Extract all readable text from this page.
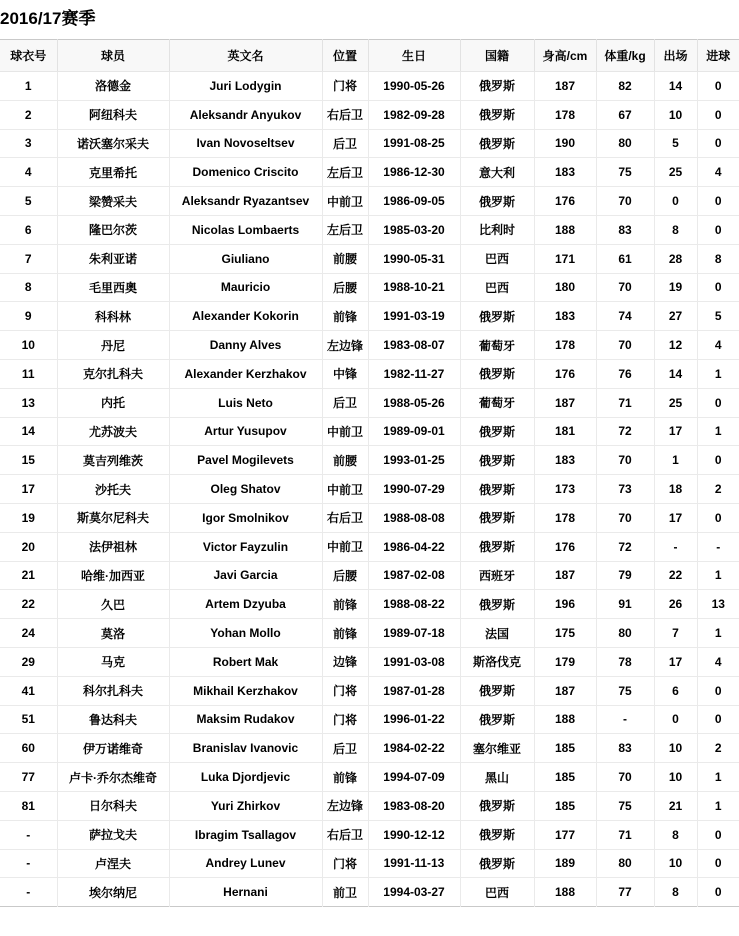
2016/17赛季
球衣号	球员	英文名	位置	生日	国籍	身高/cm	体重/kg	出场	进球
1	洛德金	Juri Lodygin	门将	1990-05-26	俄罗斯	187	82	14	0
2	阿纽科夫	Aleksandr Anyukov	右后卫	1982-09-28	俄罗斯	178	67	10	0
3	诺沃塞尔采夫	Ivan Novoseltsev	后卫	1991-08-25	俄罗斯	190	80	5	0
4	克里希托	Domenico Criscito	左后卫	1986-12-30	意大利	183	75	25	4
5	梁赞采夫	Aleksandr Ryazantsev	中前卫	1986-09-05	俄罗斯	176	70	0	0
6	隆巴尔茨	Nicolas Lombaerts	左后卫	1985-03-20	比利时	188	83	8	0
7	朱利亚诺	Giuliano	前腰	1990-05-31	巴西	171	61	28	8
8	毛里西奥	Mauricio	后腰	1988-10-21	巴西	180	70	19	0
9	科科林	Alexander Kokorin	前锋	1991-03-19	俄罗斯	183	74	27	5
10	丹尼	Danny Alves	左边锋	1983-08-07	葡萄牙	178	70	12	4
11	克尔扎科夫	Alexander Kerzhakov	中锋	1982-11-27	俄罗斯	176	76	14	1
13	内托	Luis Neto	后卫	1988-05-26	葡萄牙	187	71	25	0
14	尤苏波夫	Artur Yusupov	中前卫	1989-09-01	俄罗斯	181	72	17	1
15	莫吉列维茨	Pavel Mogilevets	前腰	1993-01-25	俄罗斯	183	70	1	0
17	沙托夫	Oleg Shatov	中前卫	1990-07-29	俄罗斯	173	73	18	2
19	斯莫尔尼科夫	Igor Smolnikov	右后卫	1988-08-08	俄罗斯	178	70	17	0
20	法伊祖林	Victor Fayzulin	中前卫	1986-04-22	俄罗斯	176	72	-	-
21	哈维·加西亚	Javi Garcia	后腰	1987-02-08	西班牙	187	79	22	1
22	久巴	Artem Dzyuba	前锋	1988-08-22	俄罗斯	196	91	26	13
24	莫洛	Yohan Mollo	前锋	1989-07-18	法国	175	80	7	1
29	马克	Robert Mak	边锋	1991-03-08	斯洛伐克	179	78	17	4
41	科尔扎科夫	Mikhail Kerzhakov	门将	1987-01-28	俄罗斯	187	75	6	0
51	鲁达科夫	Maksim Rudakov	门将	1996-01-22	俄罗斯	188	-	0	0
60	伊万诺维奇	Branislav Ivanovic	后卫	1984-02-22	塞尔维亚	185	83	10	2
77	卢卡·乔尔杰维奇	Luka Djordjevic	前锋	1994-07-09	黑山	185	70	10	1
81	日尔科夫	Yuri Zhirkov	左边锋	1983-08-20	俄罗斯	185	75	21	1
-	萨拉戈夫	Ibragim Tsallagov	右后卫	1990-12-12	俄罗斯	177	71	8	0
-	卢涅夫	Andrey Lunev	门将	1991-11-13	俄罗斯	189	80	10	0
-	埃尔纳尼	Hernani	前卫	1994-03-27	巴西	188	77	8	0
